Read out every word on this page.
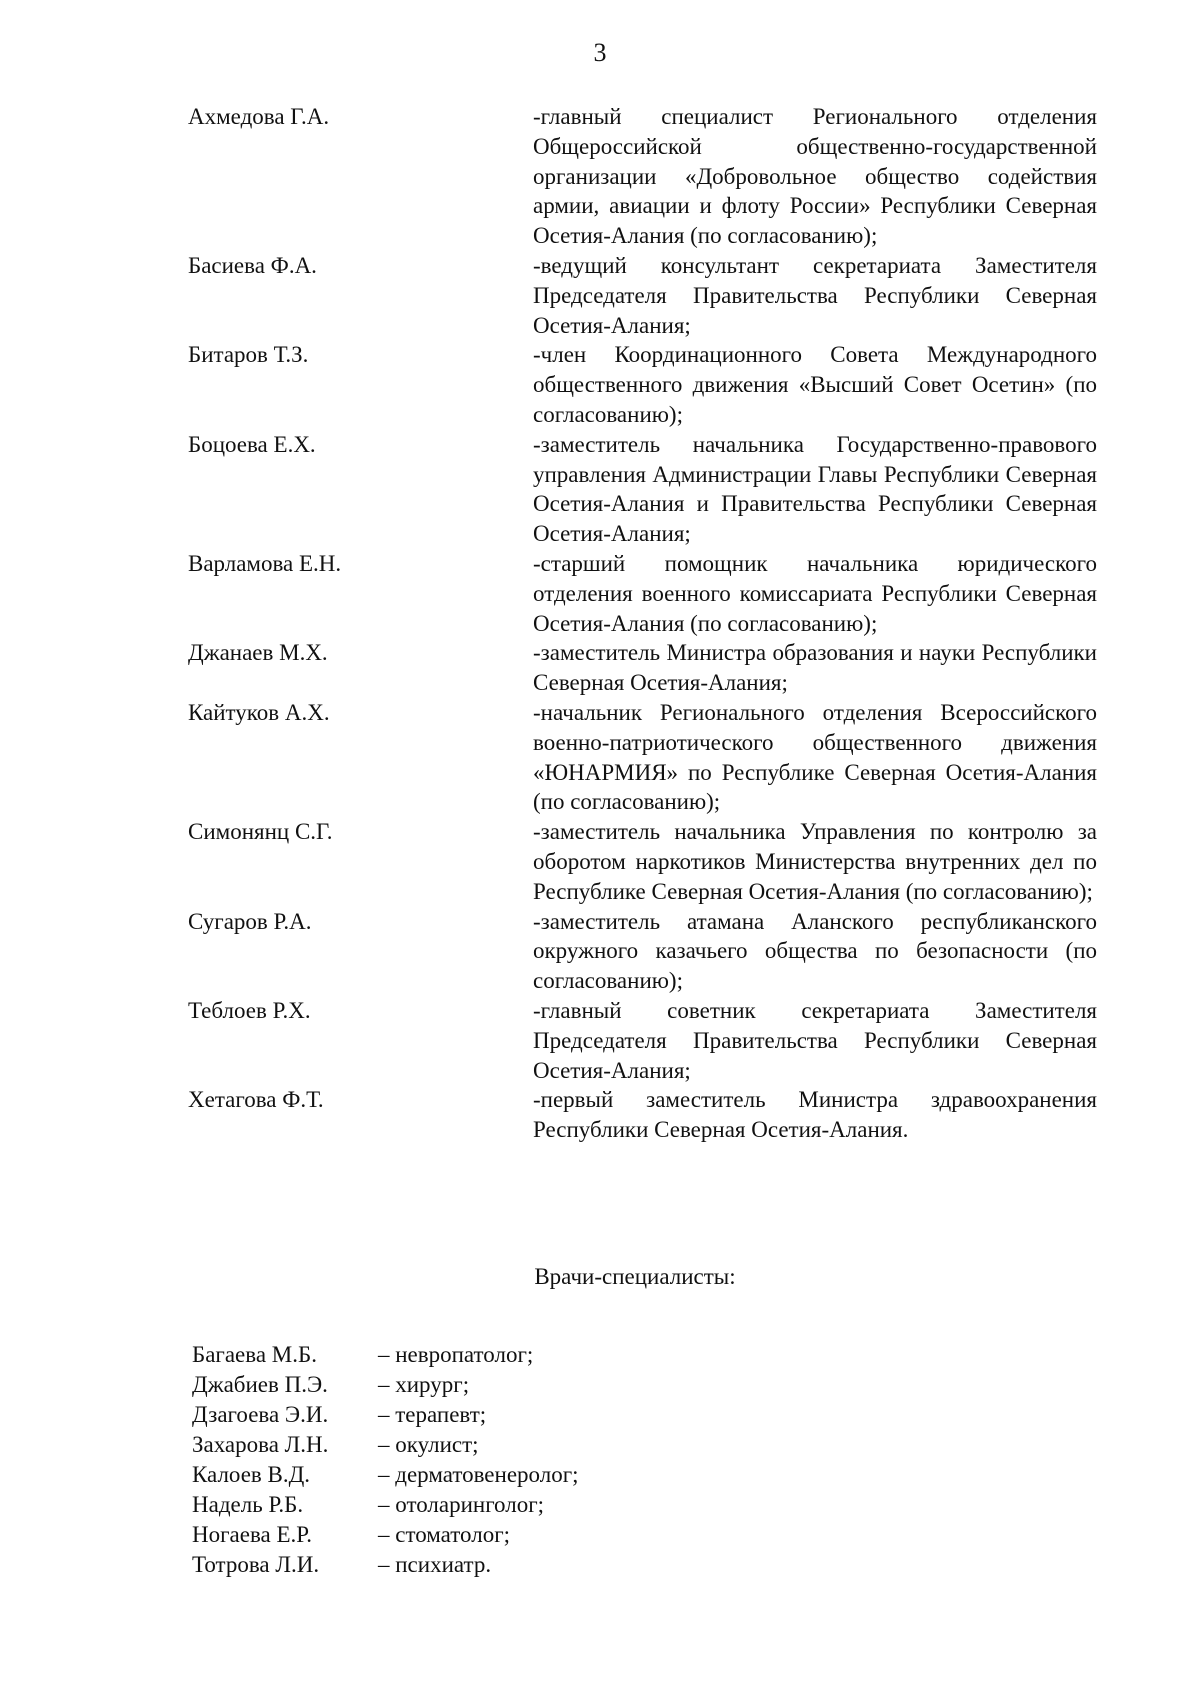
3
Ахмедова Г.А.	-главный специалист Регионального отделения Общероссийской общественно-государственной организации «Добровольное общество содействия армии, авиации и флоту России» Республики Северная Осетия-Алания (по согласованию);
Басиева Ф.А.	-ведущий консультант секретариата Заместителя Председателя Правительства Республики Северная Осетия-Алания;
Битаров Т.З.	-член Координационного Совета Международного общественного движения «Высший Совет Осетин» (по согласованию);
Боцоева Е.Х.	-заместитель начальника Государственно-правового управления Администрации Главы Республики Северная Осетия-Алания и Правительства Республики Северная Осетия-Алания;
Варламова Е.Н.	-старший помощник начальника юридического отделения военного комиссариата Республики Северная Осетия-Алания (по согласованию);
Джанаев М.Х.	-заместитель Министра образования и науки Республики Северная Осетия-Алания;
Кайтуков А.Х.	-начальник Регионального отделения Всероссийского военно-патриотического общественного движения «ЮНАРМИЯ» по Республике Северная Осетия-Алания (по согласованию);
Симонянц С.Г.	-заместитель начальника Управления по контролю за оборотом наркотиков Министерства внутренних дел по Республике Северная Осетия-Алания (по согласованию);
Сугаров Р.А.	-заместитель атамана Аланского республиканского окружного казачьего общества по безопасности (по согласованию);
Теблоев Р.Х.	-главный советник секретариата Заместителя Председателя Правительства Республики Северная Осетия-Алания;
Хетагова Ф.Т.	-первый заместитель Министра здравоохранения Республики Северная Осетия-Алания.
Врачи-специалисты:
Багаева М.Б.	– невропатолог;
Джабиев П.Э.	– хирург;
Дзагоева Э.И.	– терапевт;
Захарова Л.Н.	– окулист;
Калоев В.Д.	– дерматовенеролог;
Надель Р.Б.	– отоларинголог;
Ногаева Е.Р.	– стоматолог;
Тотрова Л.И.	– психиатр.
